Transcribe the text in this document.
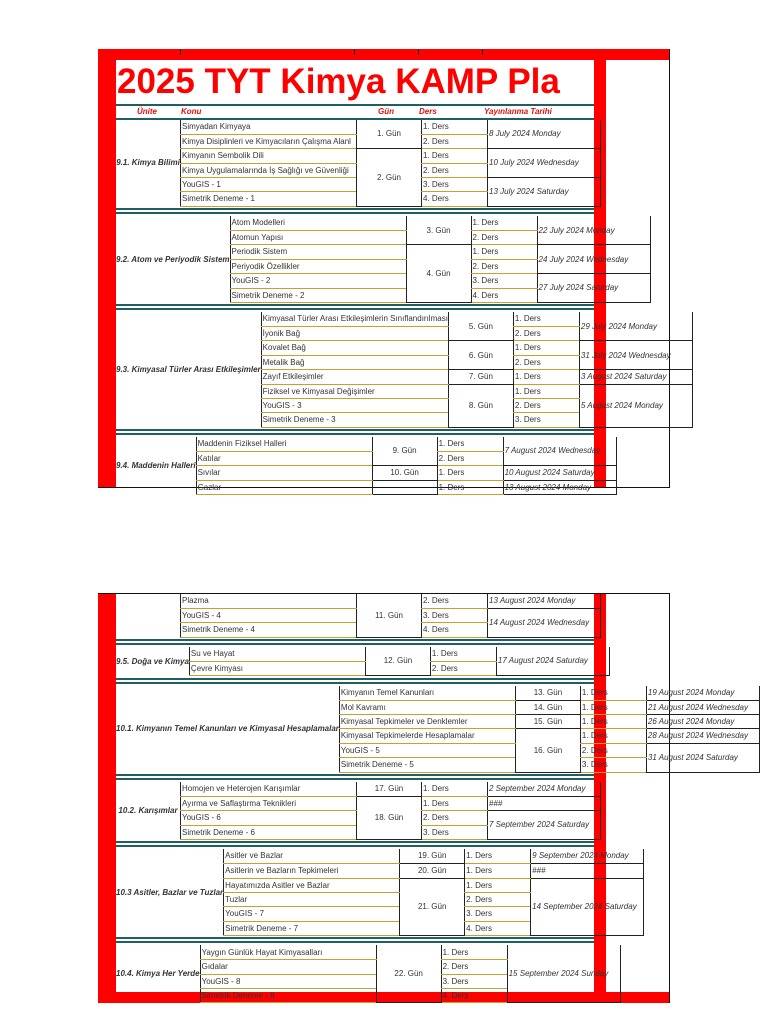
2025 TYT Kimya KAMP Pla
Ünite	Konu	Gün	Ders	Yayınlanma Tarihi
9.1. Kimya Bilimi	Simyadan Kimyaya	1. Gün	1. Ders	8 July 2024 Monday
	Kimya Disiplinleri ve Kimyacıların Çalışma Alanl		2. Ders	
	Kimyanın Sembolik Dili	2. Gün	1. Ders	10 July 2024 Wednesday
	Kimya Uygulamalarında İş Sağlığı ve Güvenliği		2. Ders	
	YouGIS - 1		3. Ders	13 July 2024 Saturday
	Simetrik Deneme - 1		4. Ders	
9.2. Atom ve Periyodik Sistem	Atom Modelleri	3. Gün	1. Ders	22 July 2024 Monday
	Atomun Yapısı		2. Ders	
	Periodik Sistem	4. Gün	1. Ders	24 July 2024 Wednesday
	Periyodik Özellikler		2. Ders	
	YouGIS - 2		3. Ders	27 July 2024 Saturday
	Simetrik Deneme - 2		4. Ders	
9.3. Kimyasal Türler Arası Etkileşimler	Kimyasal Türler Arası Etkileşimlerin Sınıflandırılması	5. Gün	1. Ders	29 July 2024 Monday
	İyonik Bağ		2. Ders	
	Kovalet Bağ	6. Gün	1. Ders	31 July 2024 Wednesday
	Metalik Bağ		2. Ders	
	Zayıf Etkileşimler	7. Gün	1. Ders	3 August 2024 Saturday
	Fiziksel ve Kimyasal Değişimler	8. Gün	1. Ders	5 August 2024 Monday
	YouGIS - 3		2. Ders	
	Simetrik Deneme - 3		3. Ders	
9.4. Maddenin Halleri	Maddenin Fiziksel Halleri	9. Gün	1. Ders	7 August 2024 Wednesday
	Katılar		2. Ders	
	Sıvılar	10. Gün	1. Ders	10 August 2024 Saturday
	Gazlar		1. Ders	13 August 2024 Monday
	Plazma	11. Gün	2. Ders	13 August 2024 Monday
	YouGIS - 4		3. Ders	14 August 2024 Wednesday
	Simetrik Deneme - 4		4. Ders	
9.5. Doğa ve Kimya	Su ve Hayat	12. Gün	1. Ders	17 August 2024 Saturday
	Çevre Kimyası		2. Ders	
10.1. Kimyanın Temel Kanunları ve Kimyasal Hesaplamalar	Kimyanın Temel Kanunları	13. Gün	1. Ders	19 August 2024 Monday
	Mol Kavramı	14. Gün	1. Ders	21 August 2024 Wednesday
	Kimyasal Tepkimeler ve Denklemler	15. Gün	1. Ders	26 August 2024 Monday
	Kimyasal Tepkimelerde Hesaplamalar	16. Gün	1. Ders	28 August 2024 Wednesday
	YouGIS - 5		2. Ders	31 August 2024 Saturday
	Simetrik Deneme - 5		3. Ders	
10.2. Karışımlar	Homojen ve Heterojen Karışımlar	17. Gün	1. Ders	2 September 2024 Monday
	Ayırma ve Saflaştırma Teknikleri	18. Gün	1. Ders	###
	YouGIS - 6		2. Ders	7 September 2024 Saturday
	Simetrik Deneme - 6		3. Ders	
10.3 Asitler, Bazlar ve Tuzlar	Asitler ve Bazlar	19. Gün	1. Ders	9 September 2024 Monday
	Asitlerin ve Bazların Tepkimeleri	20. Gün	1. Ders	###
	Hayatımızda Asitler ve Bazlar	21. Gün	1. Ders	14 September 2024 Saturday
	Tuzlar		2. Ders	
	YouGIS - 7		3. Ders	
	Simetrik Deneme - 7		4. Ders	
10.4. Kimya Her Yerde	Yaygın Günlük Hayat Kimyasalları	22. Gün	1. Ders	15 September 2024 Sunday
	Gıdalar		2. Ders	
	YouGIS - 8		3. Ders	
	Simetrik Deneme - 8		4. Ders	
